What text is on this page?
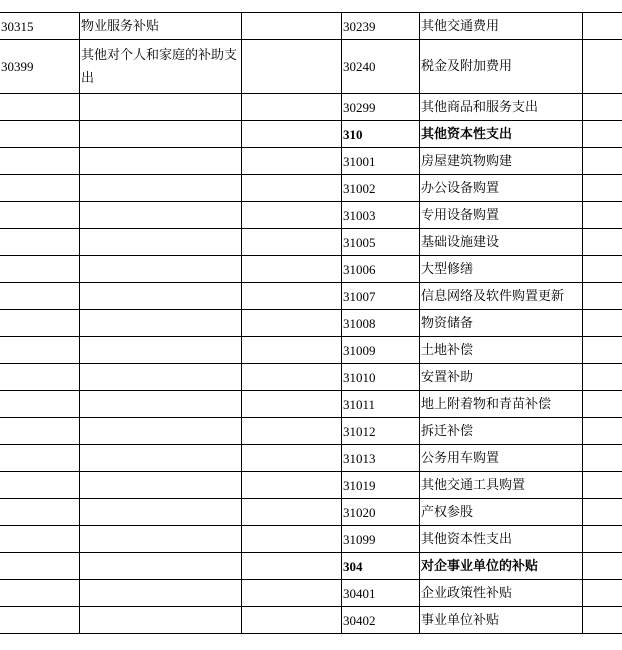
30315	物业服务补贴		30239	其他交通费用	
30399	其他对个人和家庭的补助支出		30240	税金及附加费用	
			30299	其他商品和服务支出	
			310	其他资本性支出	
			31001	房屋建筑物购建	
			31002	办公设备购置	
			31003	专用设备购置	
			31005	基础设施建设	
			31006	大型修缮	
			31007	信息网络及软件购置更新	
			31008	物资储备	
			31009	土地补偿	
			31010	安置补助	
			31011	地上附着物和青苗补偿	
			31012	拆迁补偿	
			31013	公务用车购置	
			31019	其他交通工具购置	
			31020	产权参股	
			31099	其他资本性支出	
			304	对企事业单位的补贴	
			30401	企业政策性补贴	
			30402	事业单位补贴	
